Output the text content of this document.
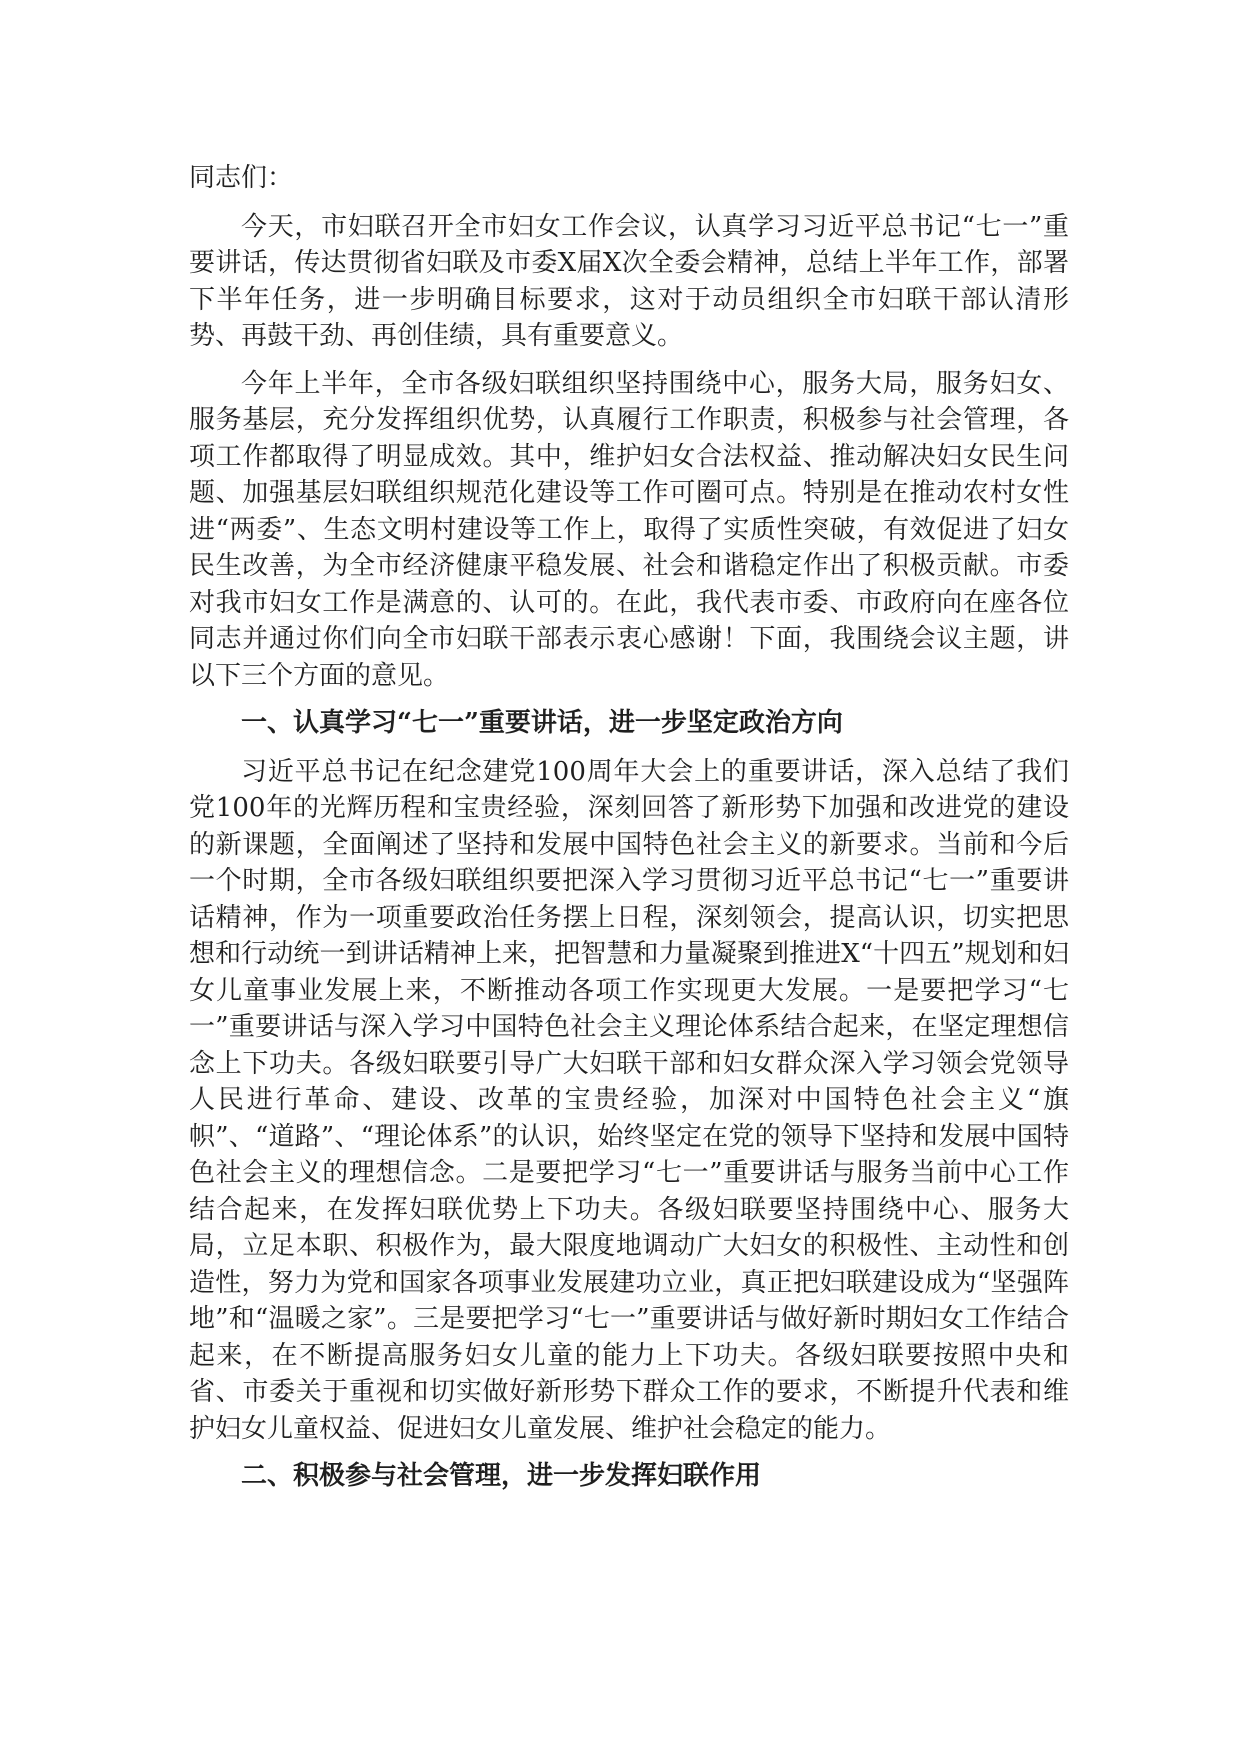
同志们：

今天，市妇联召开全市妇女工作会议，认真学习习近平总书记“七一”重要讲话，传达贯彻省妇联及市委X届X次全委会精神，总结上半年工作，部署下半年任务，进一步明确目标要求，这对于动员组织全市妇联干部认清形势、再鼓干劲、再创佳绩，具有重要意义。

今年上半年，全市各级妇联组织坚持围绕中心，服务大局，服务妇女、服务基层，充分发挥组织优势，认真履行工作职责，积极参与社会管理，各项工作都取得了明显成效。其中，维护妇女合法权益、推动解决妇女民生问题、加强基层妇联组织规范化建设等工作可圈可点。特别是在推动农村女性进“两委”、生态文明村建设等工作上，取得了实质性突破，有效促进了妇女民生改善，为全市经济健康平稳发展、社会和谐稳定作出了积极贡献。市委对我市妇女工作是满意的、认可的。在此，我代表市委、市政府向在座各位同志并通过你们向全市妇联干部表示衷心感谢！下面，我围绕会议主题，讲以下三个方面的意见。

一、认真学习“七一”重要讲话，进一步坚定政治方向

习近平总书记在纪念建党100周年大会上的重要讲话，深入总结了我们党100年的光辉历程和宝贵经验，深刻回答了新形势下加强和改进党的建设的新课题，全面阐述了坚持和发展中国特色社会主义的新要求。当前和今后一个时期，全市各级妇联组织要把深入学习贯彻习近平总书记“七一”重要讲话精神，作为一项重要政治任务摆上日程，深刻领会，提高认识，切实把思想和行动统一到讲话精神上来，把智慧和力量凝聚到推进X“十四五”规划和妇女儿童事业发展上来，不断推动各项工作实现更大发展。一是要把学习“七一”重要讲话与深入学习中国特色社会主义理论体系结合起来，在坚定理想信念上下功夫。各级妇联要引导广大妇联干部和妇女群众深入学习领会党领导人民进行革命、建设、改革的宝贵经验，加深对中国特色社会主义“旗帜”、“道路”、“理论体系”的认识，始终坚定在党的领导下坚持和发展中国特色社会主义的理想信念。二是要把学习“七一”重要讲话与服务当前中心工作结合起来，在发挥妇联优势上下功夫。各级妇联要坚持围绕中心、服务大局，立足本职、积极作为，最大限度地调动广大妇女的积极性、主动性和创造性，努力为党和国家各项事业发展建功立业，真正把妇联建设成为“坚强阵地”和“温暖之家”。三是要把学习“七一”重要讲话与做好新时期妇女工作结合起来，在不断提高服务妇女儿童的能力上下功夫。各级妇联要按照中央和省、市委关于重视和切实做好新形势下群众工作的要求，不断提升代表和维护妇女儿童权益、促进妇女儿童发展、维护社会稳定的能力。

二、积极参与社会管理，进一步发挥妇联作用
